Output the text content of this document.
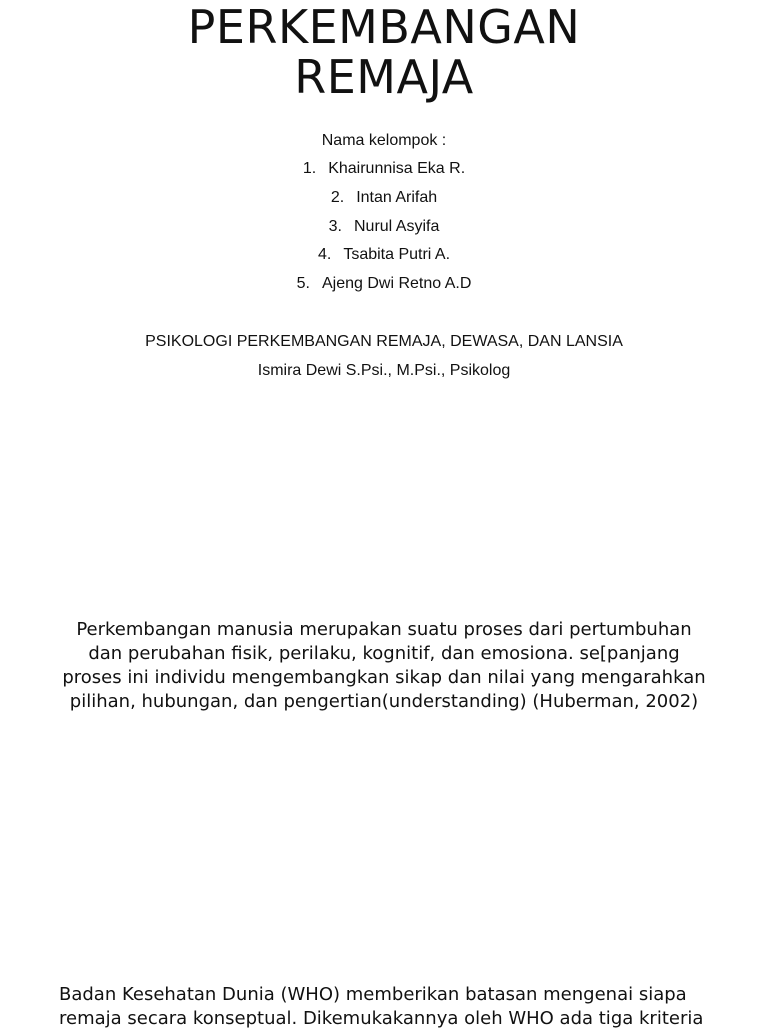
PERKEMBANGAN
REMAJA
Nama kelompok :
1. Khairunnisa Eka R.
2. Intan Arifah
3. Nurul Asyifa
4. Tsabita Putri A.
5. Ajeng Dwi Retno A.D
PSIKOLOGI PERKEMBANGAN REMAJA, DEWASA, DAN LANSIA
Ismira Dewi S.Psi., M.Psi., Psikolog

Perkembangan manusia merupakan suatu proses dari pertumbuhan
dan perubahan fisik, perilaku, kognitif, dan emosiona. se[panjang
proses ini individu mengembangkan sikap dan nilai yang mengarahkan
pilihan, hubungan, dan pengertian(understanding) (Huberman, 2002)

Badan Kesehatan Dunia (WHO) memberikan batasan mengenai siapa
remaja secara konseptual. Dikemukakannya oleh WHO ada tiga kriteria
